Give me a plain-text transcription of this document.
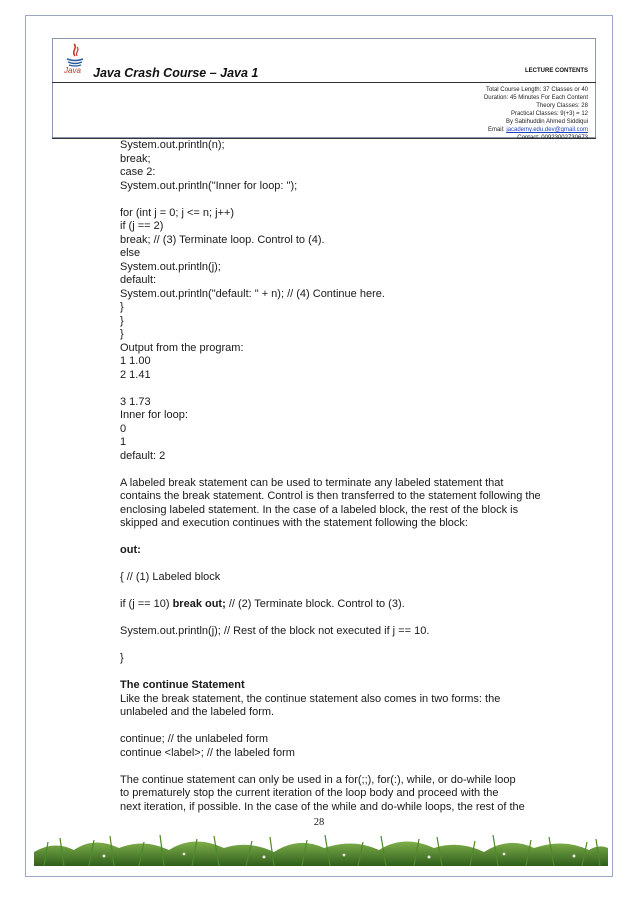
Java Java Crash Course – Java 1	LECTURE CONTENTS
Total Course Length: 37 Classes or 40
Duration: 45 Minutes For Each Content
Theory Classes: 28
Practical Classes: 9(+3) = 12
By Sabihuddin Ahmed Siddiqui
Email: jacademy.edu.dev@gmail.com
Contact: 00923002730673

System.out.println(n);

break;

case 2:

System.out.println("Inner for loop: ");

for (int j = 0; j <= n; j++)

if (j == 2)

break; // (3) Terminate loop. Control to (4).

else

System.out.println(j);

default:

System.out.println("default: " + n); // (4) Continue here.

}

}

}

Output from the program:

1 1.00

2 1.41

3 1.73

Inner for loop:

0

1

default: 2

A labeled break statement can be used to terminate any labeled statement that

contains the break statement. Control is then transferred to the statement following the

enclosing labeled statement. In the case of a labeled block, the rest of the block is

skipped and execution continues with the statement following the block:

out:

{ // (1) Labeled block

if (j == 10) break out; // (2) Terminate block. Control to (3).

System.out.println(j); // Rest of the block not executed if j == 10.

}

The continue Statement

Like the break statement, the continue statement also comes in two forms: the

unlabeled and the labeled form.

continue; // the unlabeled form

continue <label>; // the labeled form

The continue statement can only be used in a for(;;), for(:), while, or do-while loop

to prematurely stop the current iteration of the loop body and proceed with the

next iteration, if possible. In the case of the while and do-while loops, the rest of the

28
